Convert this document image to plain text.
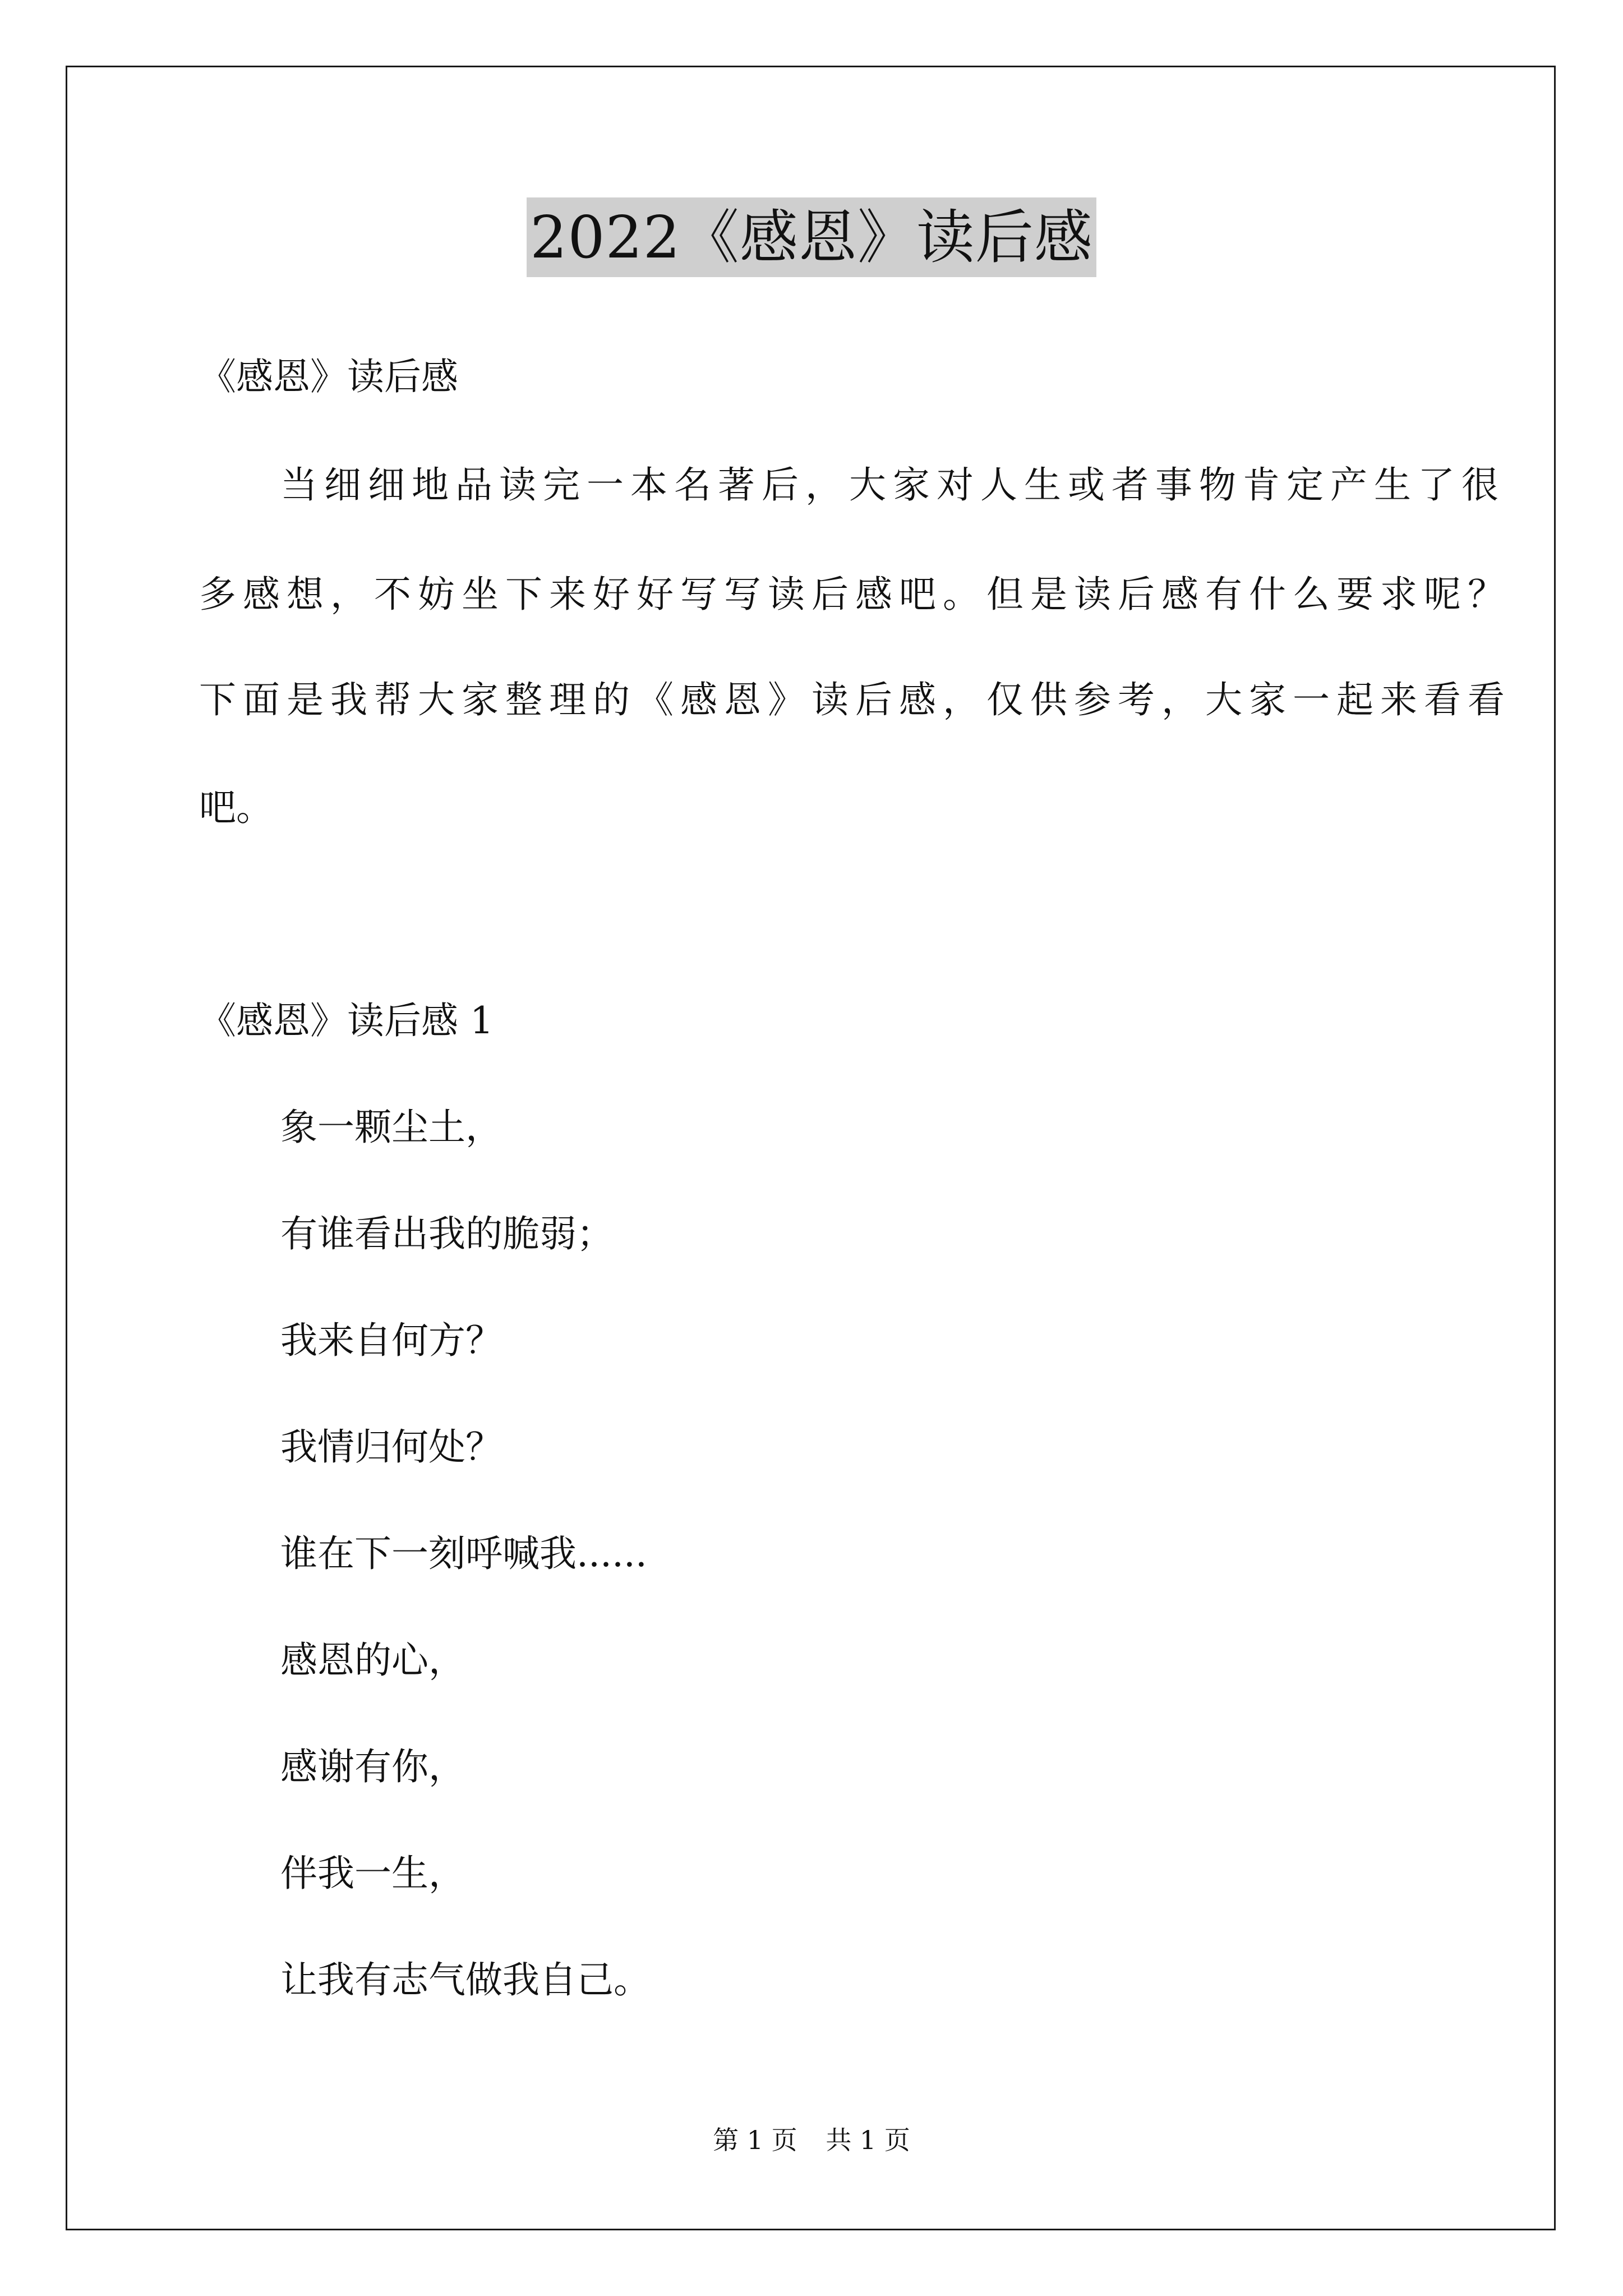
2022《感恩》读后感
《感恩》读后感
当细细地品读完一本名著后，大家对人生或者事物肯定产生了很
多感想，不妨坐下来好好写写读后感吧。但是读后感有什么要求呢？
下面是我帮大家整理的《感恩》读后感，仅供参考，大家一起来看看
吧。
《感恩》读后感 1
象一颗尘土，
有谁看出我的脆弱；
我来自何方？
我情归何处？
谁在下一刻呼喊我......
感恩的心，
感谢有你，
伴我一生，
让我有志气做我自己。
第 1 页 共 1 页
